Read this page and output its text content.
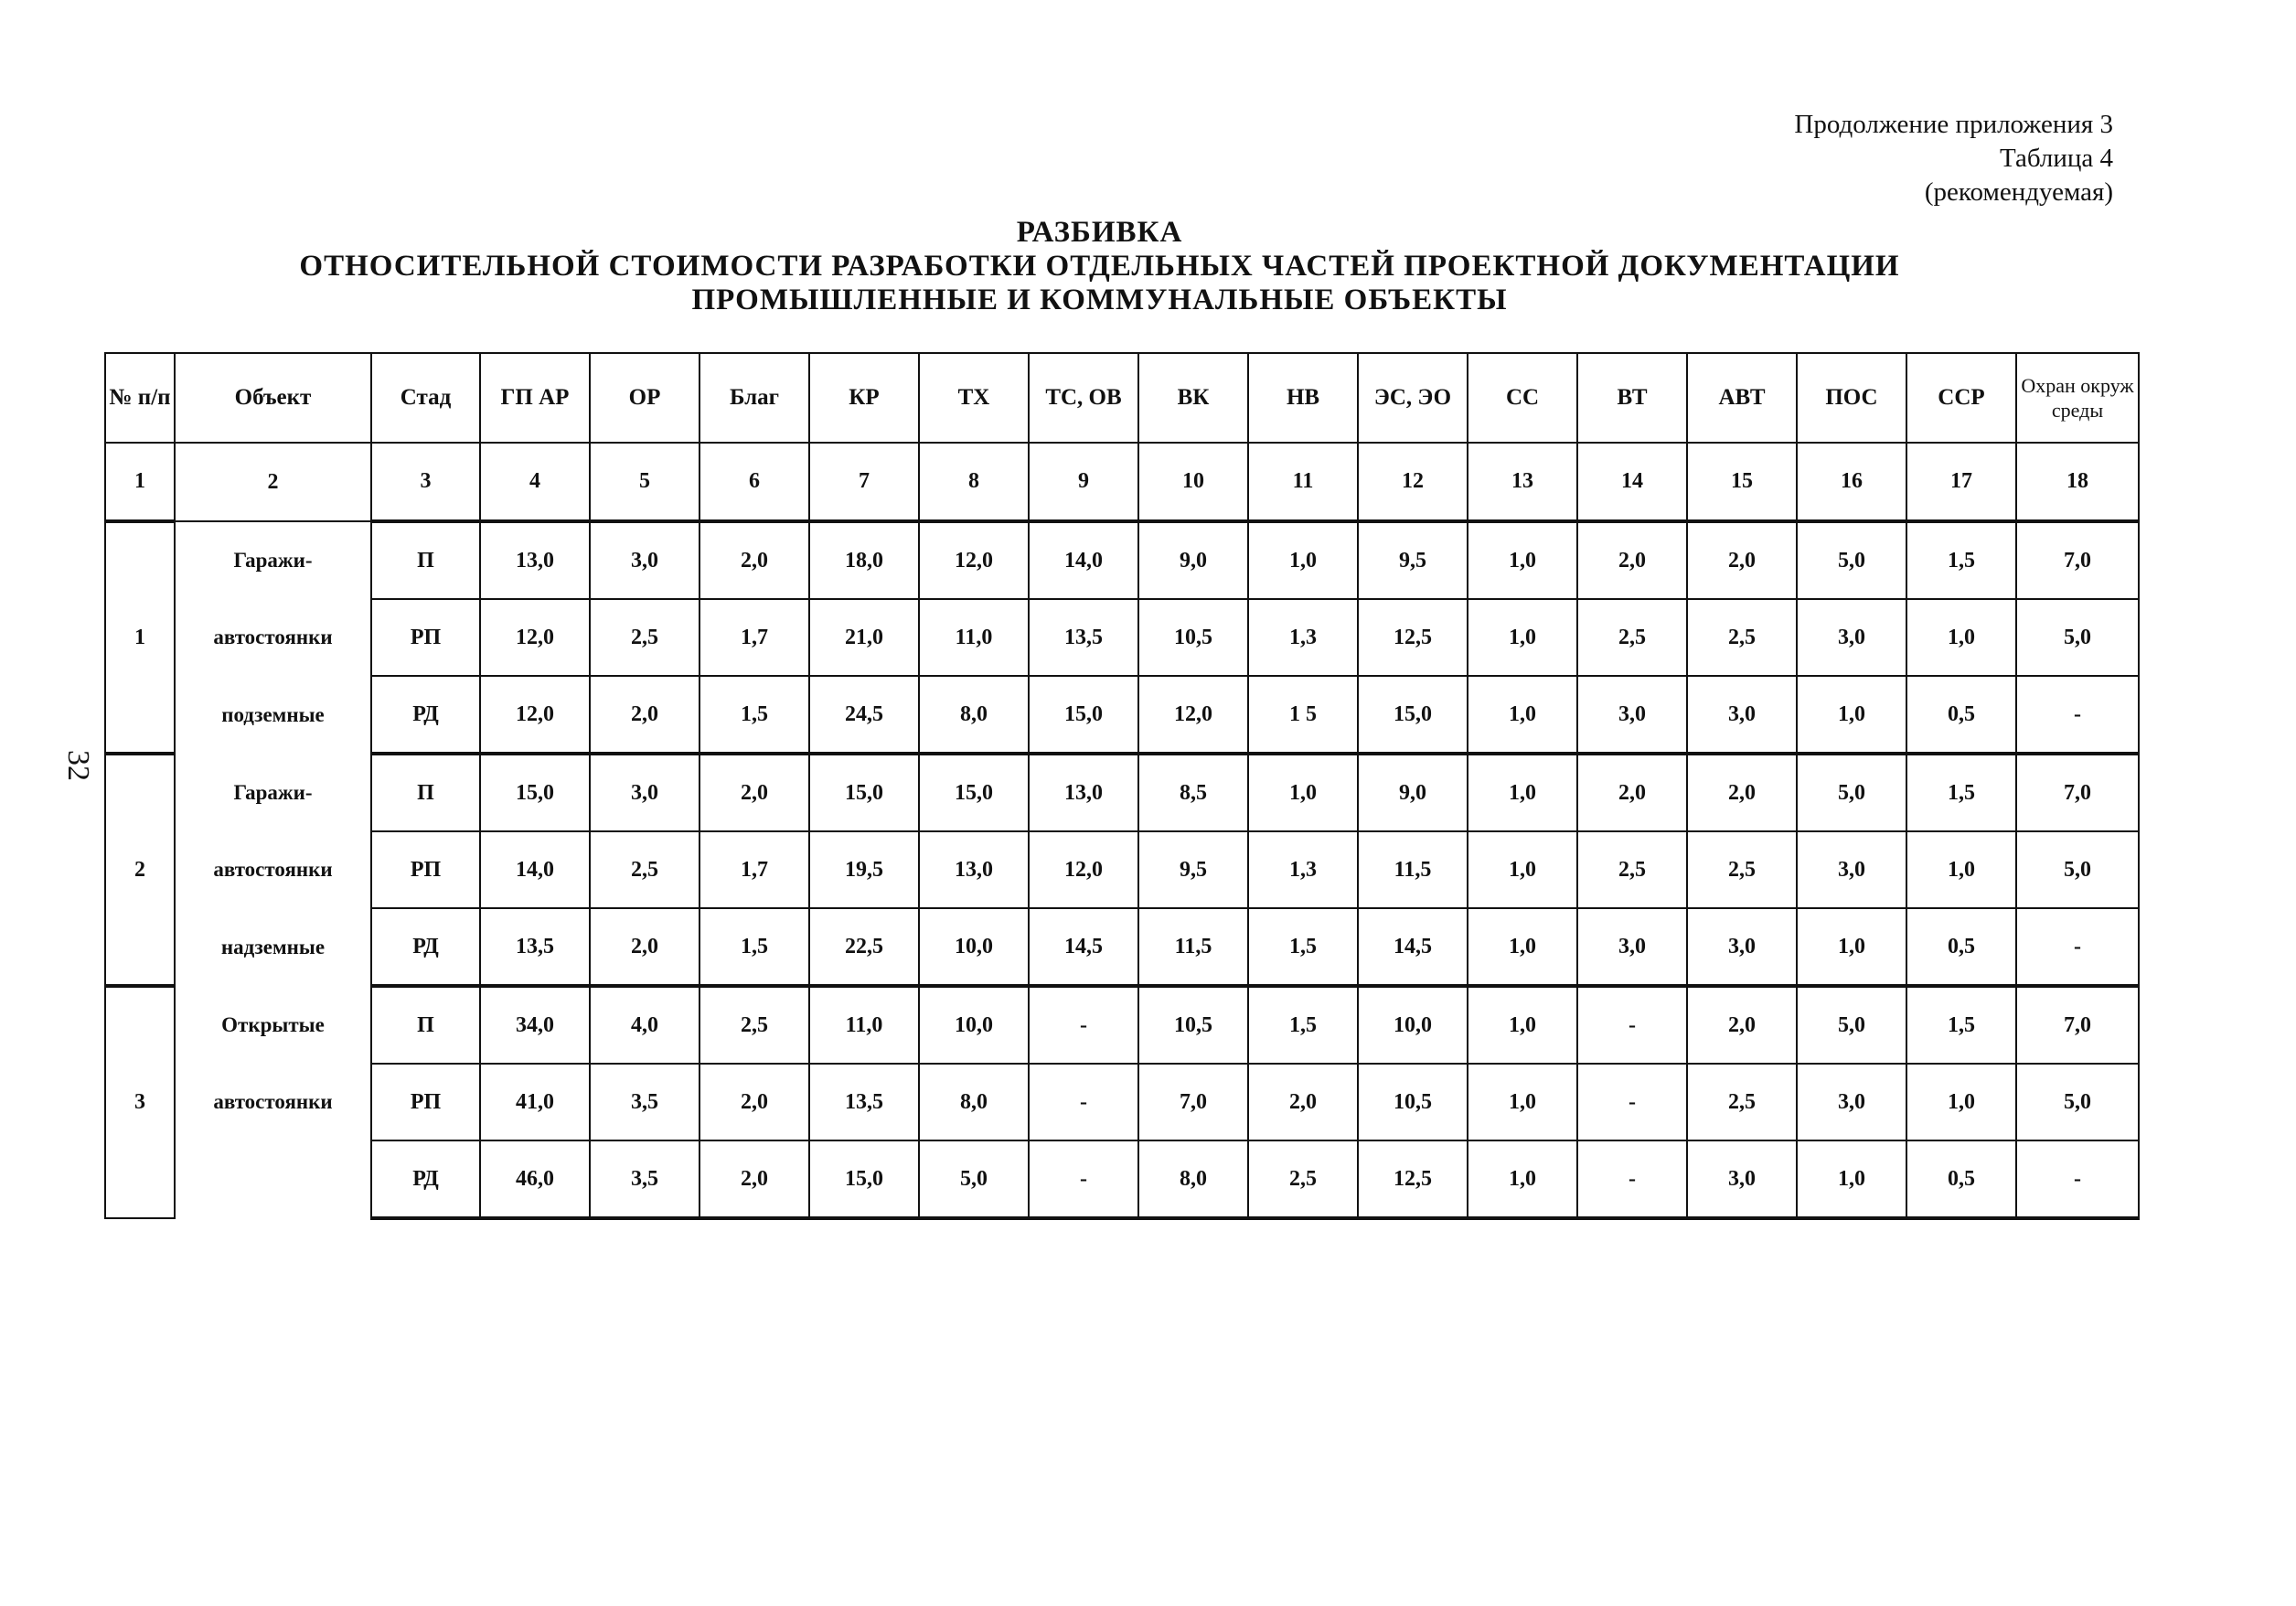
Продолжение приложения 3
Таблица 4
(рекомендуемая)
РАЗБИВКА
ОТНОСИТЕЛЬНОЙ СТОИМОСТИ РАЗРАБОТКИ ОТДЕЛЬНЫХ ЧАСТЕЙ ПРОЕКТНОЙ ДОКУМЕНТАЦИИ
ПРОМЫШЛЕННЫЕ И КОММУНАЛЬНЫЕ ОБЪЕКТЫ
32
№ п/п	Объект	Стад	ГП АР	ОР	Благ	КР	ТХ	ТС, ОВ	ВК	НВ	ЭС, ЭО	СС	ВТ	АВТ	ПОС	ССР	Охран окруж среды
1	2	3	4	5	6	7	8	9	10	11	12	13	14	15	16	17	18
1	Гаражи-	П	13,0	3,0	2,0	18,0	12,0	14,0	9,0	1,0	9,5	1,0	2,0	2,0	5,0	1,5	7,0
	автостоянки	РП	12,0	2,5	1,7	21,0	11,0	13,5	10,5	1,3	12,5	1,0	2,5	2,5	3,0	1,0	5,0
	подземные	РД	12,0	2,0	1,5	24,5	8,0	15,0	12,0	1 5	15,0	1,0	3,0	3,0	1,0	0,5	-
2	Гаражи-	П	15,0	3,0	2,0	15,0	15,0	13,0	8,5	1,0	9,0	1,0	2,0	2,0	5,0	1,5	7,0
	автостоянки	РП	14,0	2,5	1,7	19,5	13,0	12,0	9,5	1,3	11,5	1,0	2,5	2,5	3,0	1,0	5,0
	надземные	РД	13,5	2,0	1,5	22,5	10,0	14,5	11,5	1,5	14,5	1,0	3,0	3,0	1,0	0,5	-
3	Открытые	П	34,0	4,0	2,5	11,0	10,0	-	10,5	1,5	10,0	1,0	-	2,0	5,0	1,5	7,0
	автостоянки	РП	41,0	3,5	2,0	13,5	8,0	-	7,0	2,0	10,5	1,0	-	2,5	3,0	1,0	5,0
		РД	46,0	3,5	2,0	15,0	5,0	-	8,0	2,5	12,5	1,0	-	3,0	1,0	0,5	-
